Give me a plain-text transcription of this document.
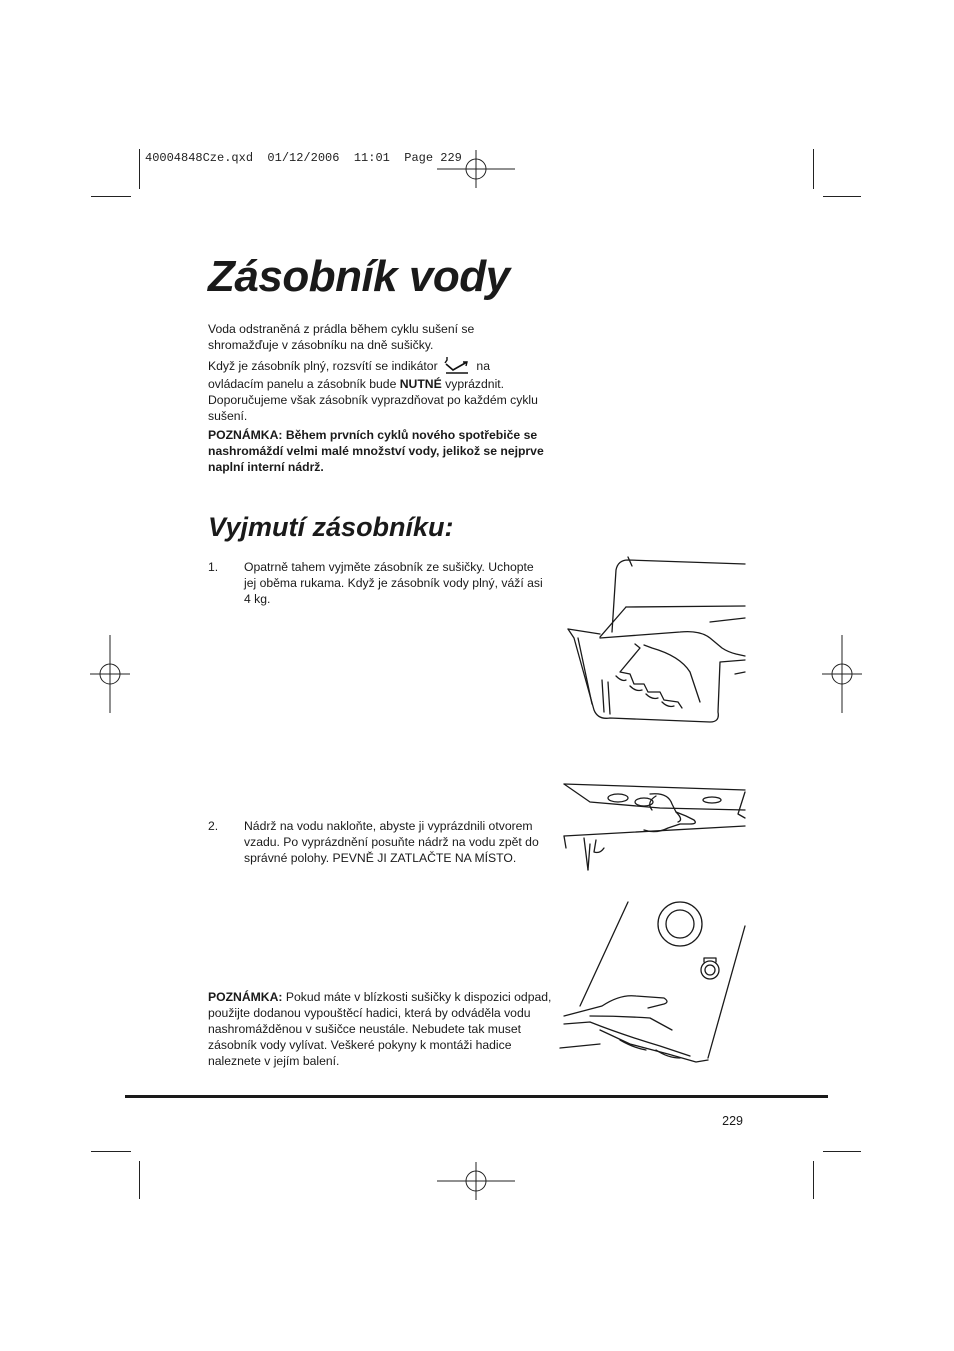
40004848Cze.qxd  01/12/2006  11:01  Page 229
Zásobník vody

Voda odstraněná z prádla během cyklu sušení se shromažďuje v zásobníku na dně sušičky.

Když je zásobník plný, rozsvítí se indikátor	na ovládacím panelu a zásobník bude NUTNÉ vyprázdnit. Doporučujeme však zásobník vyprazdňovat po každém cyklu sušení.

POZNÁMKA: Během prvních cyklů nového spotřebiče se nashromáždí velmi malé množství vody, jelikož se nejprve naplní interní nádrž.

Vyjmutí zásobníku:
1. Opatrně tahem vyjměte zásobník ze sušičky. Uchopte jej oběma rukama. Když je zásobník vody plný, váží asi 4 kg.
2. Nádrž na vodu nakloňte, abyste ji vyprázdnili otvorem vzadu. Po vyprázdnění posuňte nádrž na vodu zpět do správné polohy. PEVNĚ JI ZATLAČTE NA MÍSTO.

POZNÁMKA: Pokud máte v blízkosti sušičky k dispozici odpad, použijte dodanou vypouštěcí hadici, která by odváděla vodu nashromážděnou v sušičce neustále. Nebudete tak muset zásobník vody vylívat. Veškeré pokyny k montáži hadice naleznete v jejím balení.

229
